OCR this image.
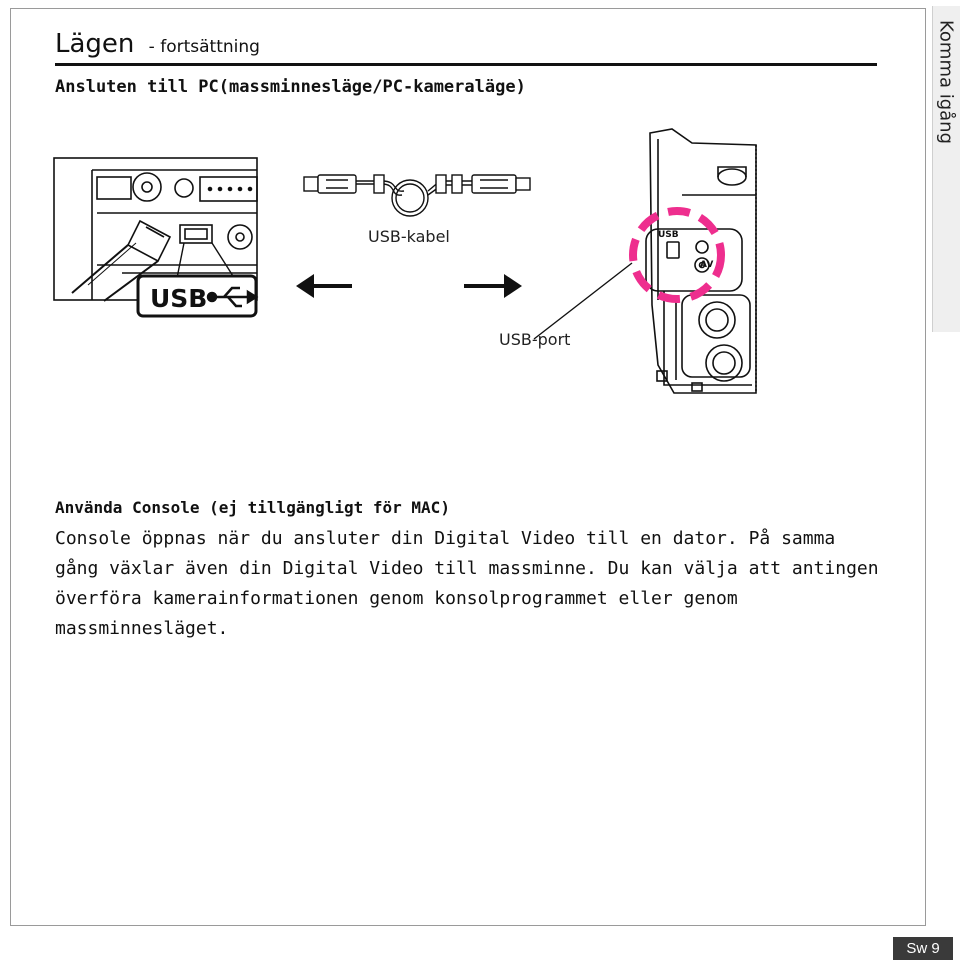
Lägen - fortsättning
Ansluten till PC(massminnesläge/PC-kameraläge)	Komma igång
USB
USB
AV
USB-kabel
USB-port
Använda Console (ej tillgängligt för MAC)

Console öppnas när du ansluter din Digital Video till en dator. På samma gång växlar även din Digital Video till massminne. Du kan välja att antingen överföra kamerainformationen genom konsolprogrammet eller genom massminnesläget.

Sw 9
